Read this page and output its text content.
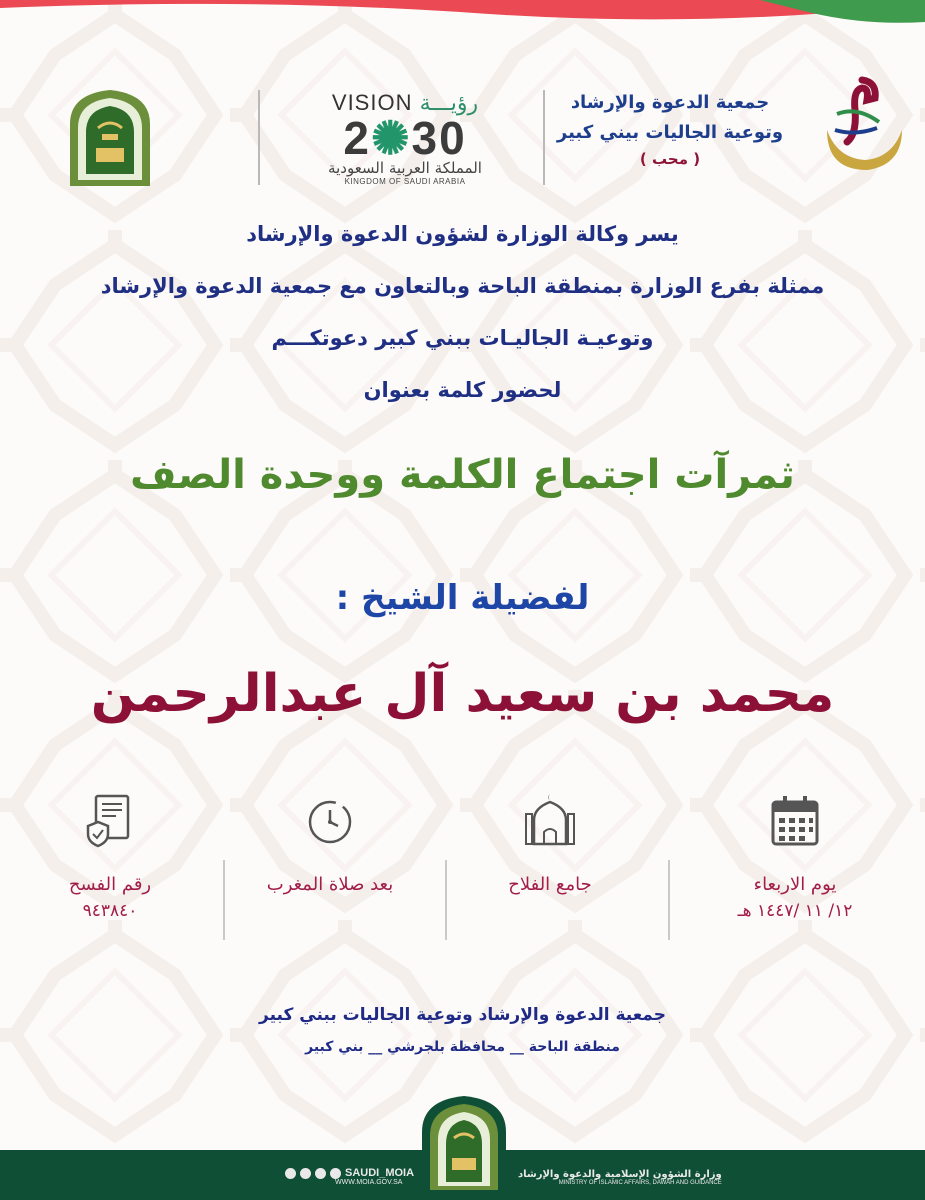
VISION رؤيـــة
2✺30
المملكة العربية السعودية
KINGDOM OF SAUDI ARABIA
جمعية الدعوة والإرشاد
وتوعية الجاليات بيني كبير
( محب )
يسر وكالة الوزارة لشؤون الدعوة والإرشاد
ممثلة بفرع الوزارة بمنطقة الباحة وبالتعاون مع جمعية الدعوة والإرشاد
وتوعيـة الجاليـات ببني كبير دعوتكـــم
لحضور كلمة بعنوان
ثمرآت اجتماع الكلمة ووحدة الصف
لفضيلة الشيخ :
محمد بن سعيد آل عبدالرحمن
يوم الاربعاء
١٢/ ١١ /١٤٤٧ هـ
جامع الفلاح
بعد صلاة المغرب
رقم الفسح
٩٤٣٨٤٠
جمعية الدعوة والإرشاد وتوعية الجاليات ببني كبير
منطقة الباحة __ محافظة بلجرشي __ بني كبير
SAUDI_MOIA
WWW.MOIA.GOV.SA
وزارة الشؤون الإسلامية والدعوة والإرشاد
MINISTRY OF ISLAMIC AFFAIRS, DAWAH AND GUIDANCE
